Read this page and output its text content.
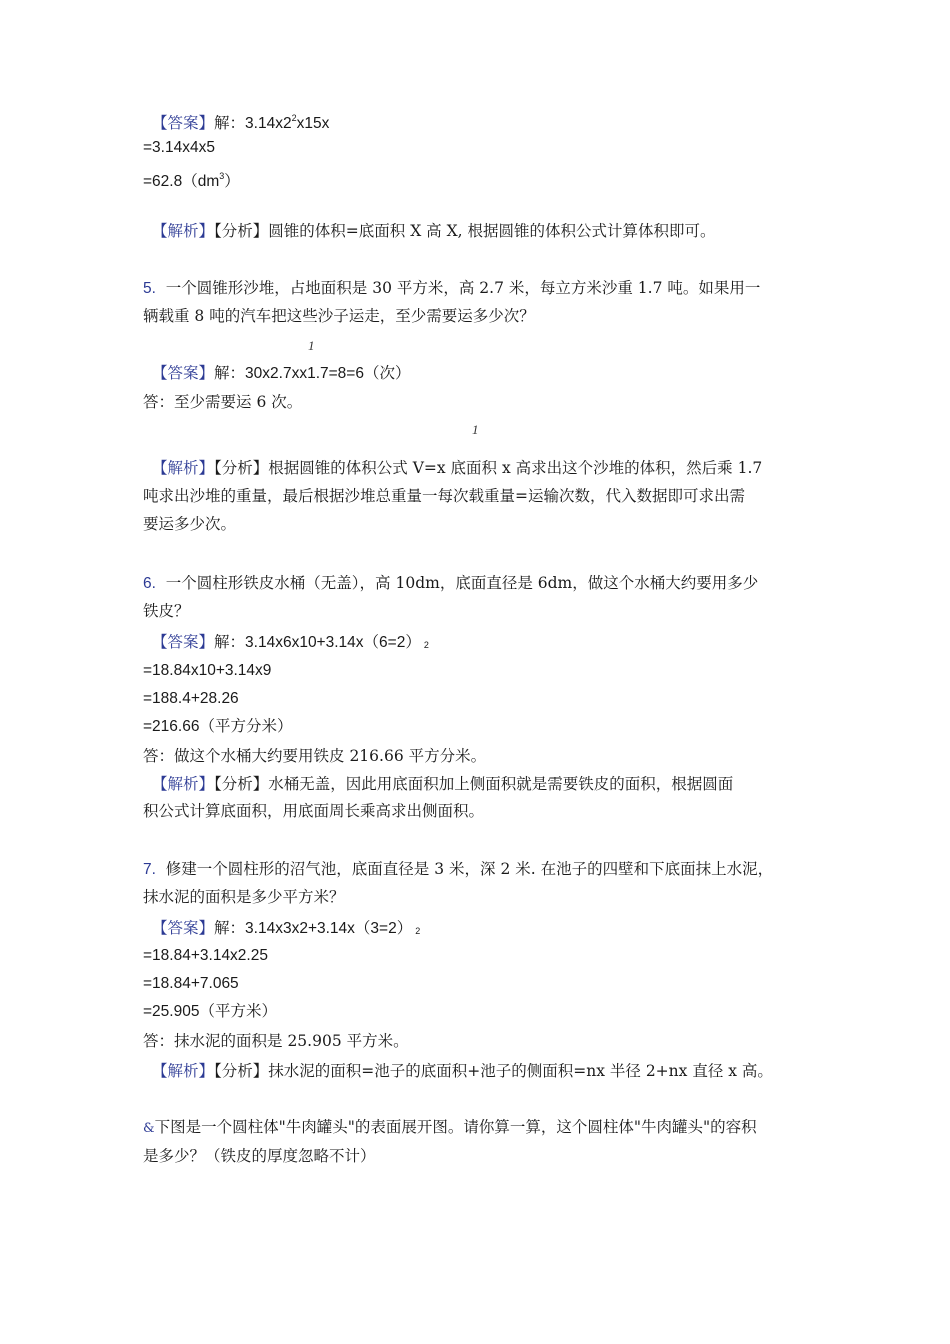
【答案】解：$3.14x2^2x15x$
=3.14x4x5
$=62.8(dm^3)$
【解析】【分析】圆锥的体积=底面积 X 高 X, 根据圆锥的体积公式计算体积即可。
5. 一个圆锥形沙堆，占地面积是 30 平方米，高 2.7 米，每立方米沙重 1.7 吨。如果用一
辆载重 8 吨的汽车把这些沙子运走，至少需要运多少次？
1
【答案】解：30x2.7xx1.7=8=6（次）
答：至少需要运 6 次。
1
【解析】【分析】根据圆锥的体积公式 V=x 底面积 x 高求出这个沙堆的体积，然后乘 1.7
吨求出沙堆的重量，最后根据沙堆总重量一每次载重量=运输次数，代入数据即可求出需
要运多少次。
6. 一个圆柱形铁皮水桶（无盖），高 10dm，底面直径是 6dm，做这个水桶大约要用多少
铁皮？
【答案】解：3.14x6x10+3.14x（6=2） 2
=18.84x10+3.14x9
=188.4+28.26
=216.66（平方分米）
答：做这个水桶大约要用铁皮 216.66 平方分米。
【解析】【分析】水桶无盖，因此用底面积加上侧面积就是需要铁皮的面积，根据圆面
积公式计算底面积，用底面周长乘高求出侧面积。
7. 修建一个圆柱形的沼气池，底面直径是 3 米，深 2 米. 在池子的四壁和下底面抹上水泥，
抹水泥的面积是多少平方米？
【答案】解：3.14x3x2+3.14x（3=2） 2
=18.84+3.14x2.25
=18.84+7.065
=25.905（平方米）
答：抹水泥的面积是 25.905 平方米。
【解析】【分析】抹水泥的面积=池子的底面积+池子的侧面积=nx 半径 2+nx 直径 x 高。
&下图是一个圆柱体"牛肉罐头"的表面展开图。请你算一算，这个圆柱体"牛肉罐头"的容积
是多少？（铁皮的厚度忽略不计）
